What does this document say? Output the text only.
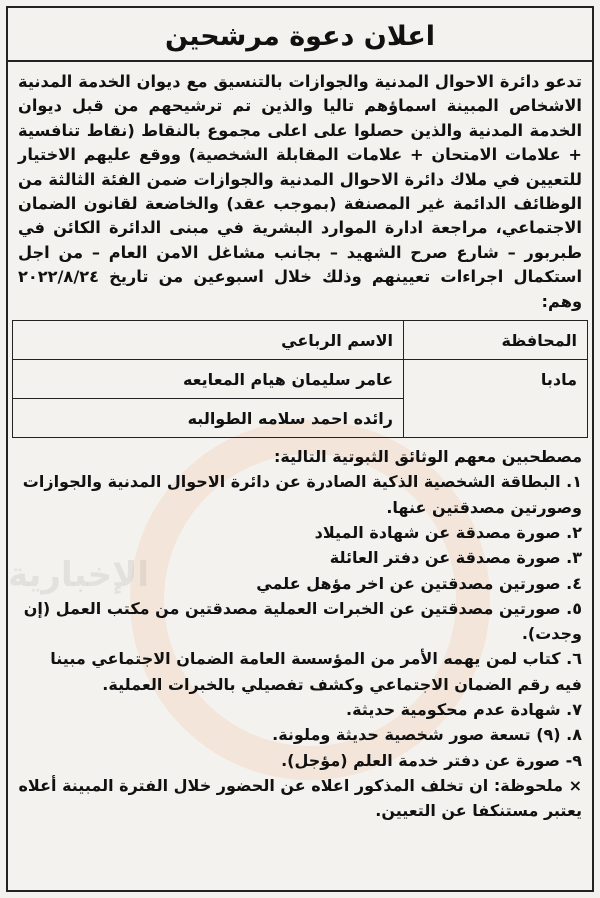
الإخبارية
اعلان دعوة مرشحين

تدعو دائرة الاحوال المدنية والجوازات بالتنسيق مع ديوان الخدمة المدنية الاشخاص المبينة اسماؤهم تاليا والذين تم ترشيحهم من قبل ديوان الخدمة المدنية والذين حصلوا على اعلى مجموع بالنقاط (نقاط تنافسية + علامات الامتحان + علامات المقابلة الشخصية) ووقع عليهم الاختيار للتعيين في ملاك دائرة الاحوال المدنية والجوازات ضمن الفئة الثالثة من الوظائف الدائمة غير المصنفة (بموجب عقد) والخاضعة لقانون الضمان الاجتماعي، مراجعة ادارة الموارد البشرية في مبنى الدائرة الكائن في طبربور – شارع صرح الشهيد – بجانب مشاغل الامن العام – من اجل استكمال اجراءات تعيينهم وذلك خلال اسبوعين من تاريخ ٢٠٢٢/٨/٢٤ وهم:

المحافظة	الاسم الرباعي
مادبا	عامر سليمان هيام المعايعه
	رائده احمد سلامه الطوالبه

مصطحبين معهم الوثائق الثبوتية التالية:

١. البطاقة الشخصية الذكية الصادرة عن دائرة الاحوال المدنية والجوازات وصورتين مصدقتين عنها.
٢. صورة مصدقة عن شهادة الميلاد
٣. صورة مصدقة عن دفتر العائلة
٤. صورتين مصدقتين عن اخر مؤهل علمي
٥. صورتين مصدقتين عن الخبرات العملية مصدقتين من مكتب العمل (إن وجدت).
٦. كتاب لمن يهمه الأمر من المؤسسة العامة الضمان الاجتماعي مبينا فيه رقم الضمان الاجتماعي وكشف تفصيلي بالخبرات العملية.
٧. شهادة عدم محكومية حديثة.
٨. (٩) تسعة صور شخصية حديثة وملونة.
٩- صورة عن دفتر خدمة العلم (مؤجل).
× ملحوظة: ان تخلف المذكور اعلاه عن الحضور خلال الفترة المبينة أعلاه يعتبر مستنكفا عن التعيين.
